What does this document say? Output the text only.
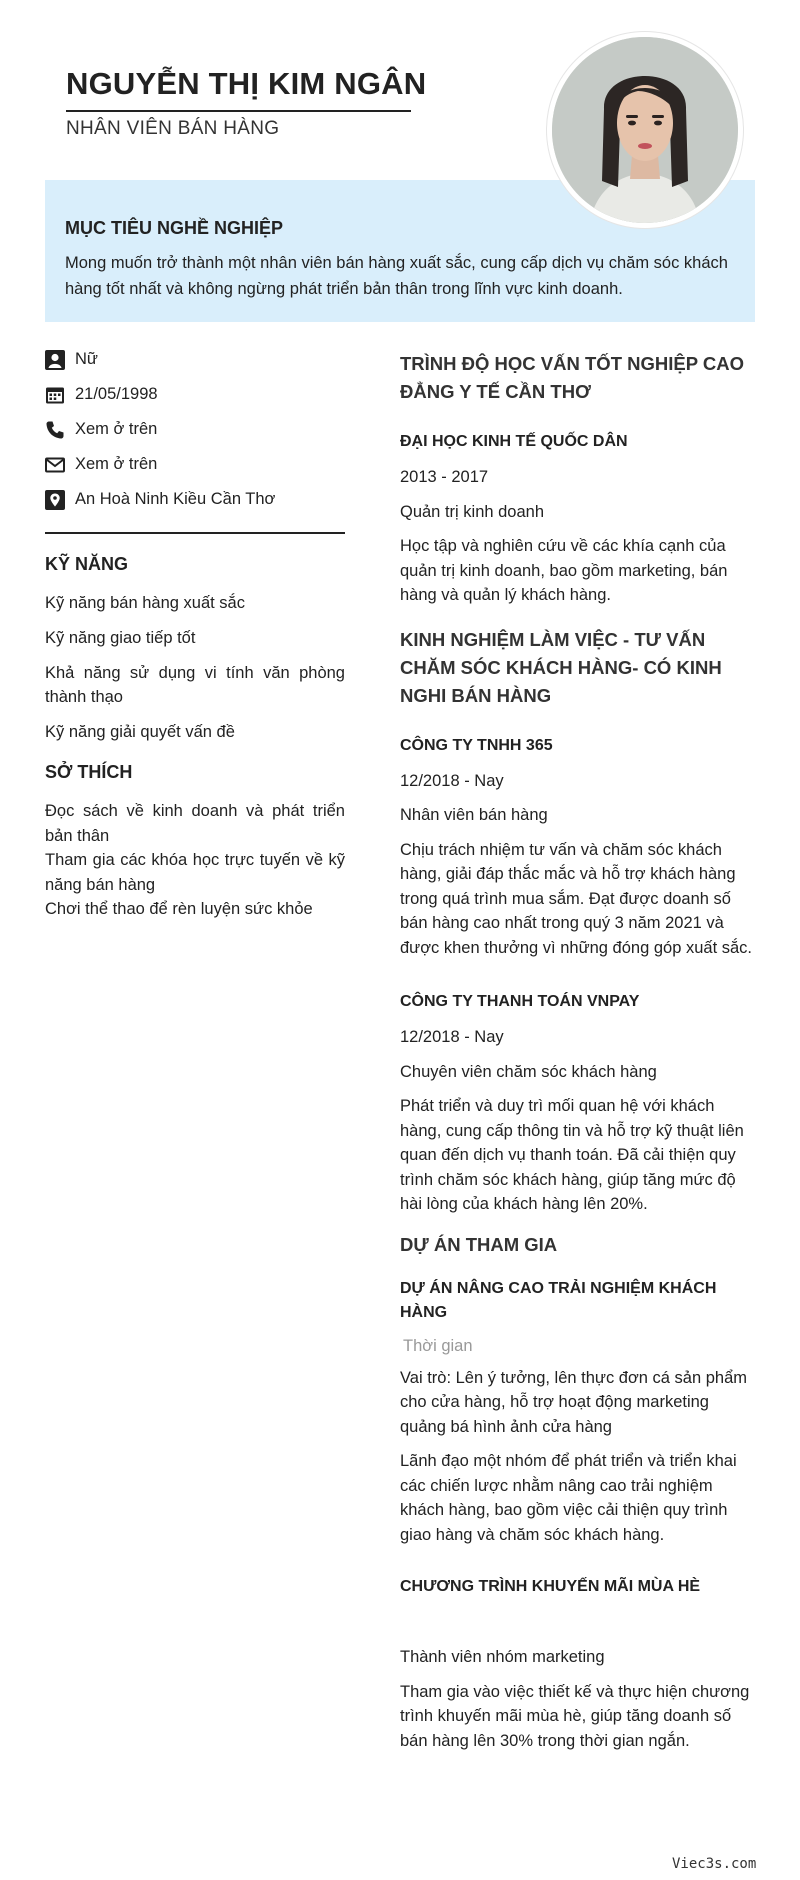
NGUYỄN THỊ KIM NGÂN
NHÂN VIÊN BÁN HÀNG
MỤC TIÊU NGHỀ NGHIỆP
Mong muốn trở thành một nhân viên bán hàng xuất sắc, cung cấp dịch vụ chăm sóc khách hàng tốt nhất và không ngừng phát triển bản thân trong lĩnh vực kinh doanh.
Nữ
21/05/1998
Xem ở trên
Xem ở trên
An Hoà Ninh Kiều Cần Thơ
KỸ NĂNG
Kỹ năng bán hàng xuất sắc
Kỹ năng giao tiếp tốt
Khả năng sử dụng vi tính văn phòng thành thạo
Kỹ năng giải quyết vấn đề
SỞ THÍCH
Đọc sách về kinh doanh và phát triển bản thân
Tham gia các khóa học trực tuyến về kỹ năng bán hàng
Chơi thể thao để rèn luyện sức khỏe
TRÌNH ĐỘ HỌC VẤN TỐT NGHIỆP CAO ĐẲNG Y TẾ CẦN THƠ
ĐẠI HỌC KINH TẾ QUỐC DÂN
2013 - 2017
Quản trị kinh doanh
Học tập và nghiên cứu về các khía cạnh của quản trị kinh doanh, bao gồm marketing, bán hàng và quản lý khách hàng.
KINH NGHIỆM LÀM VIỆC - TƯ VẤN CHĂM SÓC KHÁCH HÀNG- CÓ KINH NGHI BÁN HÀNG
CÔNG TY TNHH 365
12/2018 - Nay
Nhân viên bán hàng
Chịu trách nhiệm tư vấn và chăm sóc khách hàng, giải đáp thắc mắc và hỗ trợ khách hàng trong quá trình mua sắm. Đạt được doanh số bán hàng cao nhất trong quý 3 năm 2021 và được khen thưởng vì những đóng góp xuất sắc.
CÔNG TY THANH TOÁN VNPAY
12/2018 - Nay
Chuyên viên chăm sóc khách hàng
Phát triển và duy trì mối quan hệ với khách hàng, cung cấp thông tin và hỗ trợ kỹ thuật liên quan đến dịch vụ thanh toán. Đã cải thiện quy trình chăm sóc khách hàng, giúp tăng mức độ hài lòng của khách hàng lên 20%.
DỰ ÁN THAM GIA
DỰ ÁN NÂNG CAO TRẢI NGHIỆM KHÁCH HÀNG
Thời gian
Vai trò: Lên ý tưởng, lên thực đơn cá sản phẩm cho cửa hàng, hỗ trợ hoạt động marketing quảng bá hình ảnh cửa hàng
Lãnh đạo một nhóm để phát triển và triển khai các chiến lược nhằm nâng cao trải nghiệm khách hàng, bao gồm việc cải thiện quy trình giao hàng và chăm sóc khách hàng.
CHƯƠNG TRÌNH KHUYẾN MÃI MÙA HÈ
Thành viên nhóm marketing
Tham gia vào việc thiết kế và thực hiện chương trình khuyến mãi mùa hè, giúp tăng doanh số bán hàng lên 30% trong thời gian ngắn.
Viec3s.com
